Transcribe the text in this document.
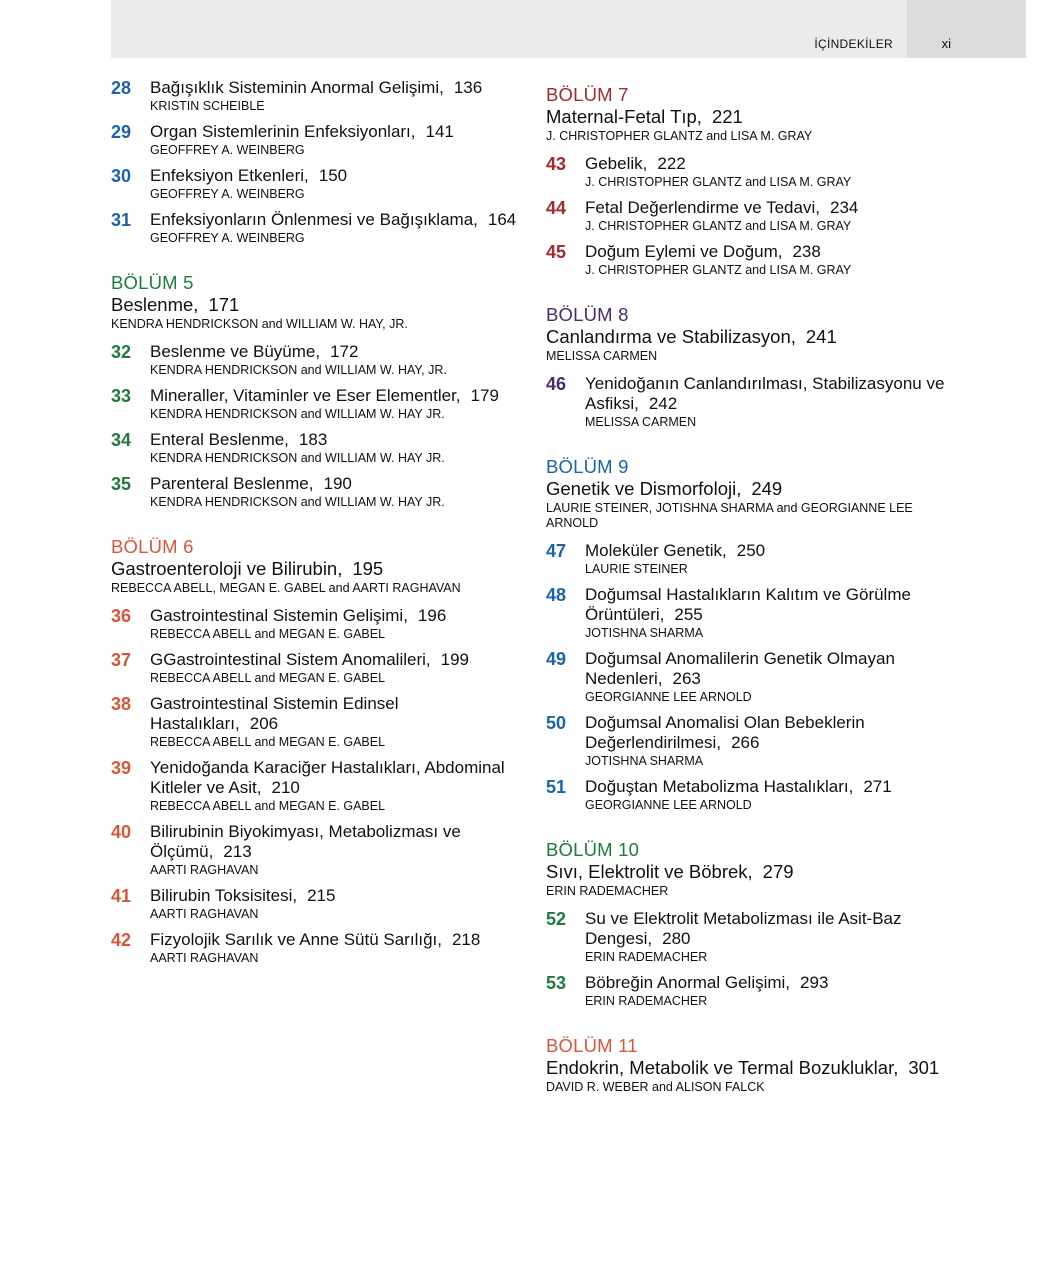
İÇİNDEKİLER	xi
28	Bağışıklık Sisteminin Anormal Gelişimi, 136
KRISTIN SCHEIBLE
29	Organ Sistemlerinin Enfeksiyonları, 141
GEOFFREY A. WEINBERG
30	Enfeksiyon Etkenleri, 150
GEOFFREY A. WEINBERG
31	Enfeksiyonların Önlenmesi ve Bağışıklama, 164
GEOFFREY A. WEINBERG
BÖLÜM 5
Beslenme, 171
KENDRA HENDRICKSON and WILLIAM W. HAY, JR.
32	Beslenme ve Büyüme, 172
KENDRA HENDRICKSON and WILLIAM W. HAY, JR.
33	Mineraller, Vitaminler ve Eser Elementler, 179
KENDRA HENDRICKSON and WILLIAM W. HAY JR.
34	Enteral Beslenme, 183
KENDRA HENDRICKSON and WILLIAM W. HAY JR.
35	Parenteral Beslenme, 190
KENDRA HENDRICKSON and WILLIAM W. HAY JR.
BÖLÜM 6
Gastroenteroloji ve Bilirubin, 195
REBECCA ABELL, MEGAN E. GABEL and AARTI RAGHAVAN
36	Gastrointestinal Sistemin Gelişimi, 196
REBECCA ABELL and MEGAN E. GABEL
37	GGastrointestinal Sistem Anomalileri, 199
REBECCA ABELL and MEGAN E. GABEL
38	Gastrointestinal Sistemin Edinsel Hastalıkları, 206
REBECCA ABELL and MEGAN E. GABEL
39	Yenidoğanda Karaciğer Hastalıkları, Abdominal Kitleler ve Asit, 210
REBECCA ABELL and MEGAN E. GABEL
40	Bilirubinin Biyokimyası, Metabolizması ve Ölçümü, 213
AARTI RAGHAVAN
41	Bilirubin Toksisitesi, 215
AARTI RAGHAVAN
42	Fizyolojik Sarılık ve Anne Sütü Sarılığı, 218
AARTI RAGHAVAN
BÖLÜM 7
Maternal-Fetal Tıp, 221
J. CHRISTOPHER GLANTZ and LISA M. GRAY
43	Gebelik, 222
J. CHRISTOPHER GLANTZ and LISA M. GRAY
44	Fetal Değerlendirme ve Tedavi, 234
J. CHRISTOPHER GLANTZ and LISA M. GRAY
45	Doğum Eylemi ve Doğum, 238
J. CHRISTOPHER GLANTZ and LISA M. GRAY
BÖLÜM 8
Canlandırma ve Stabilizasyon, 241
MELISSA CARMEN
46	Yenidoğanın Canlandırılması, Stabilizasyonu ve Asfiksi, 242
MELISSA CARMEN
BÖLÜM 9
Genetik ve Dismorfoloji, 249
LAURIE STEINER, JOTISHNA SHARMA and GEORGIANNE LEE ARNOLD
47	Moleküler Genetik, 250
LAURIE STEINER
48	Doğumsal Hastalıkların Kalıtım ve Görülme Örüntüleri, 255
JOTISHNA SHARMA
49	Doğumsal Anomalilerin Genetik Olmayan Nedenleri, 263
GEORGIANNE LEE ARNOLD
50	Doğumsal Anomalisi Olan Bebeklerin Değerlendirilmesi, 266
JOTISHNA SHARMA
51	Doğuştan Metabolizma Hastalıkları, 271
GEORGIANNE LEE ARNOLD
BÖLÜM 10
Sıvı, Elektrolit ve Böbrek, 279
ERIN RADEMACHER
52	Su ve Elektrolit Metabolizması ile Asit-Baz Dengesi, 280
ERIN RADEMACHER
53	Böbreğin Anormal Gelişimi, 293
ERIN RADEMACHER
BÖLÜM 11
Endokrin, Metabolik ve Termal Bozukluklar, 301
DAVID R. WEBER and ALISON FALCK
